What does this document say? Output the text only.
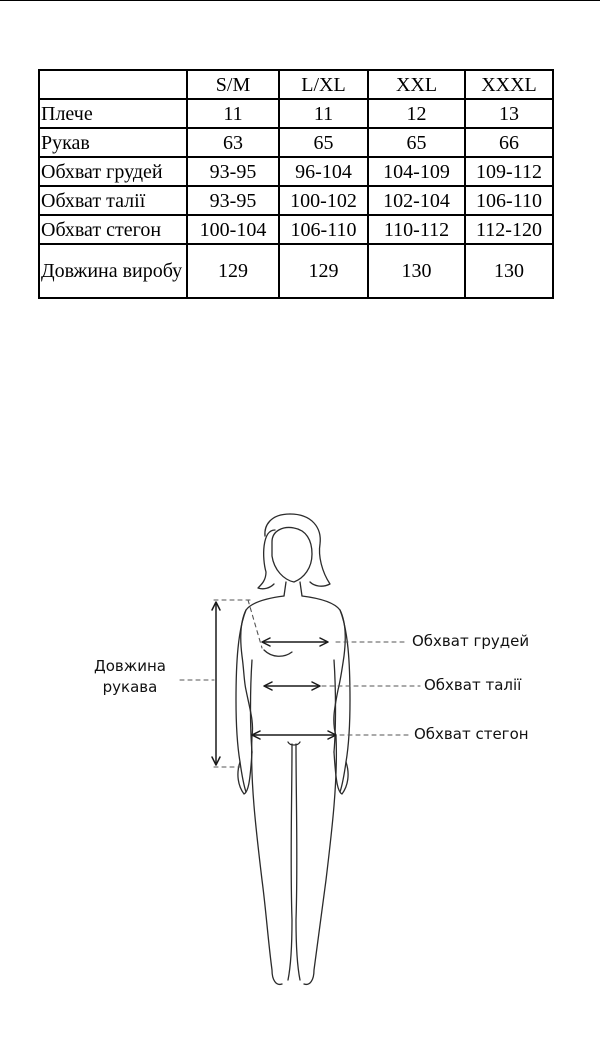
	S/M	L/XL	XXL	XXXL
Плече	11	11	12	13
Рукав	63	65	65	66
Обхват грудей	93-95	96-104	104-109	109-112
Обхват талії	93-95	100-102	102-104	106-110
Обхват стегон	100-104	106-110	110-112	112-120
Довжина виробу	129	129	130	130
Довжина
рукава
Обхват грудей
Обхват талії
Обхват стегон
